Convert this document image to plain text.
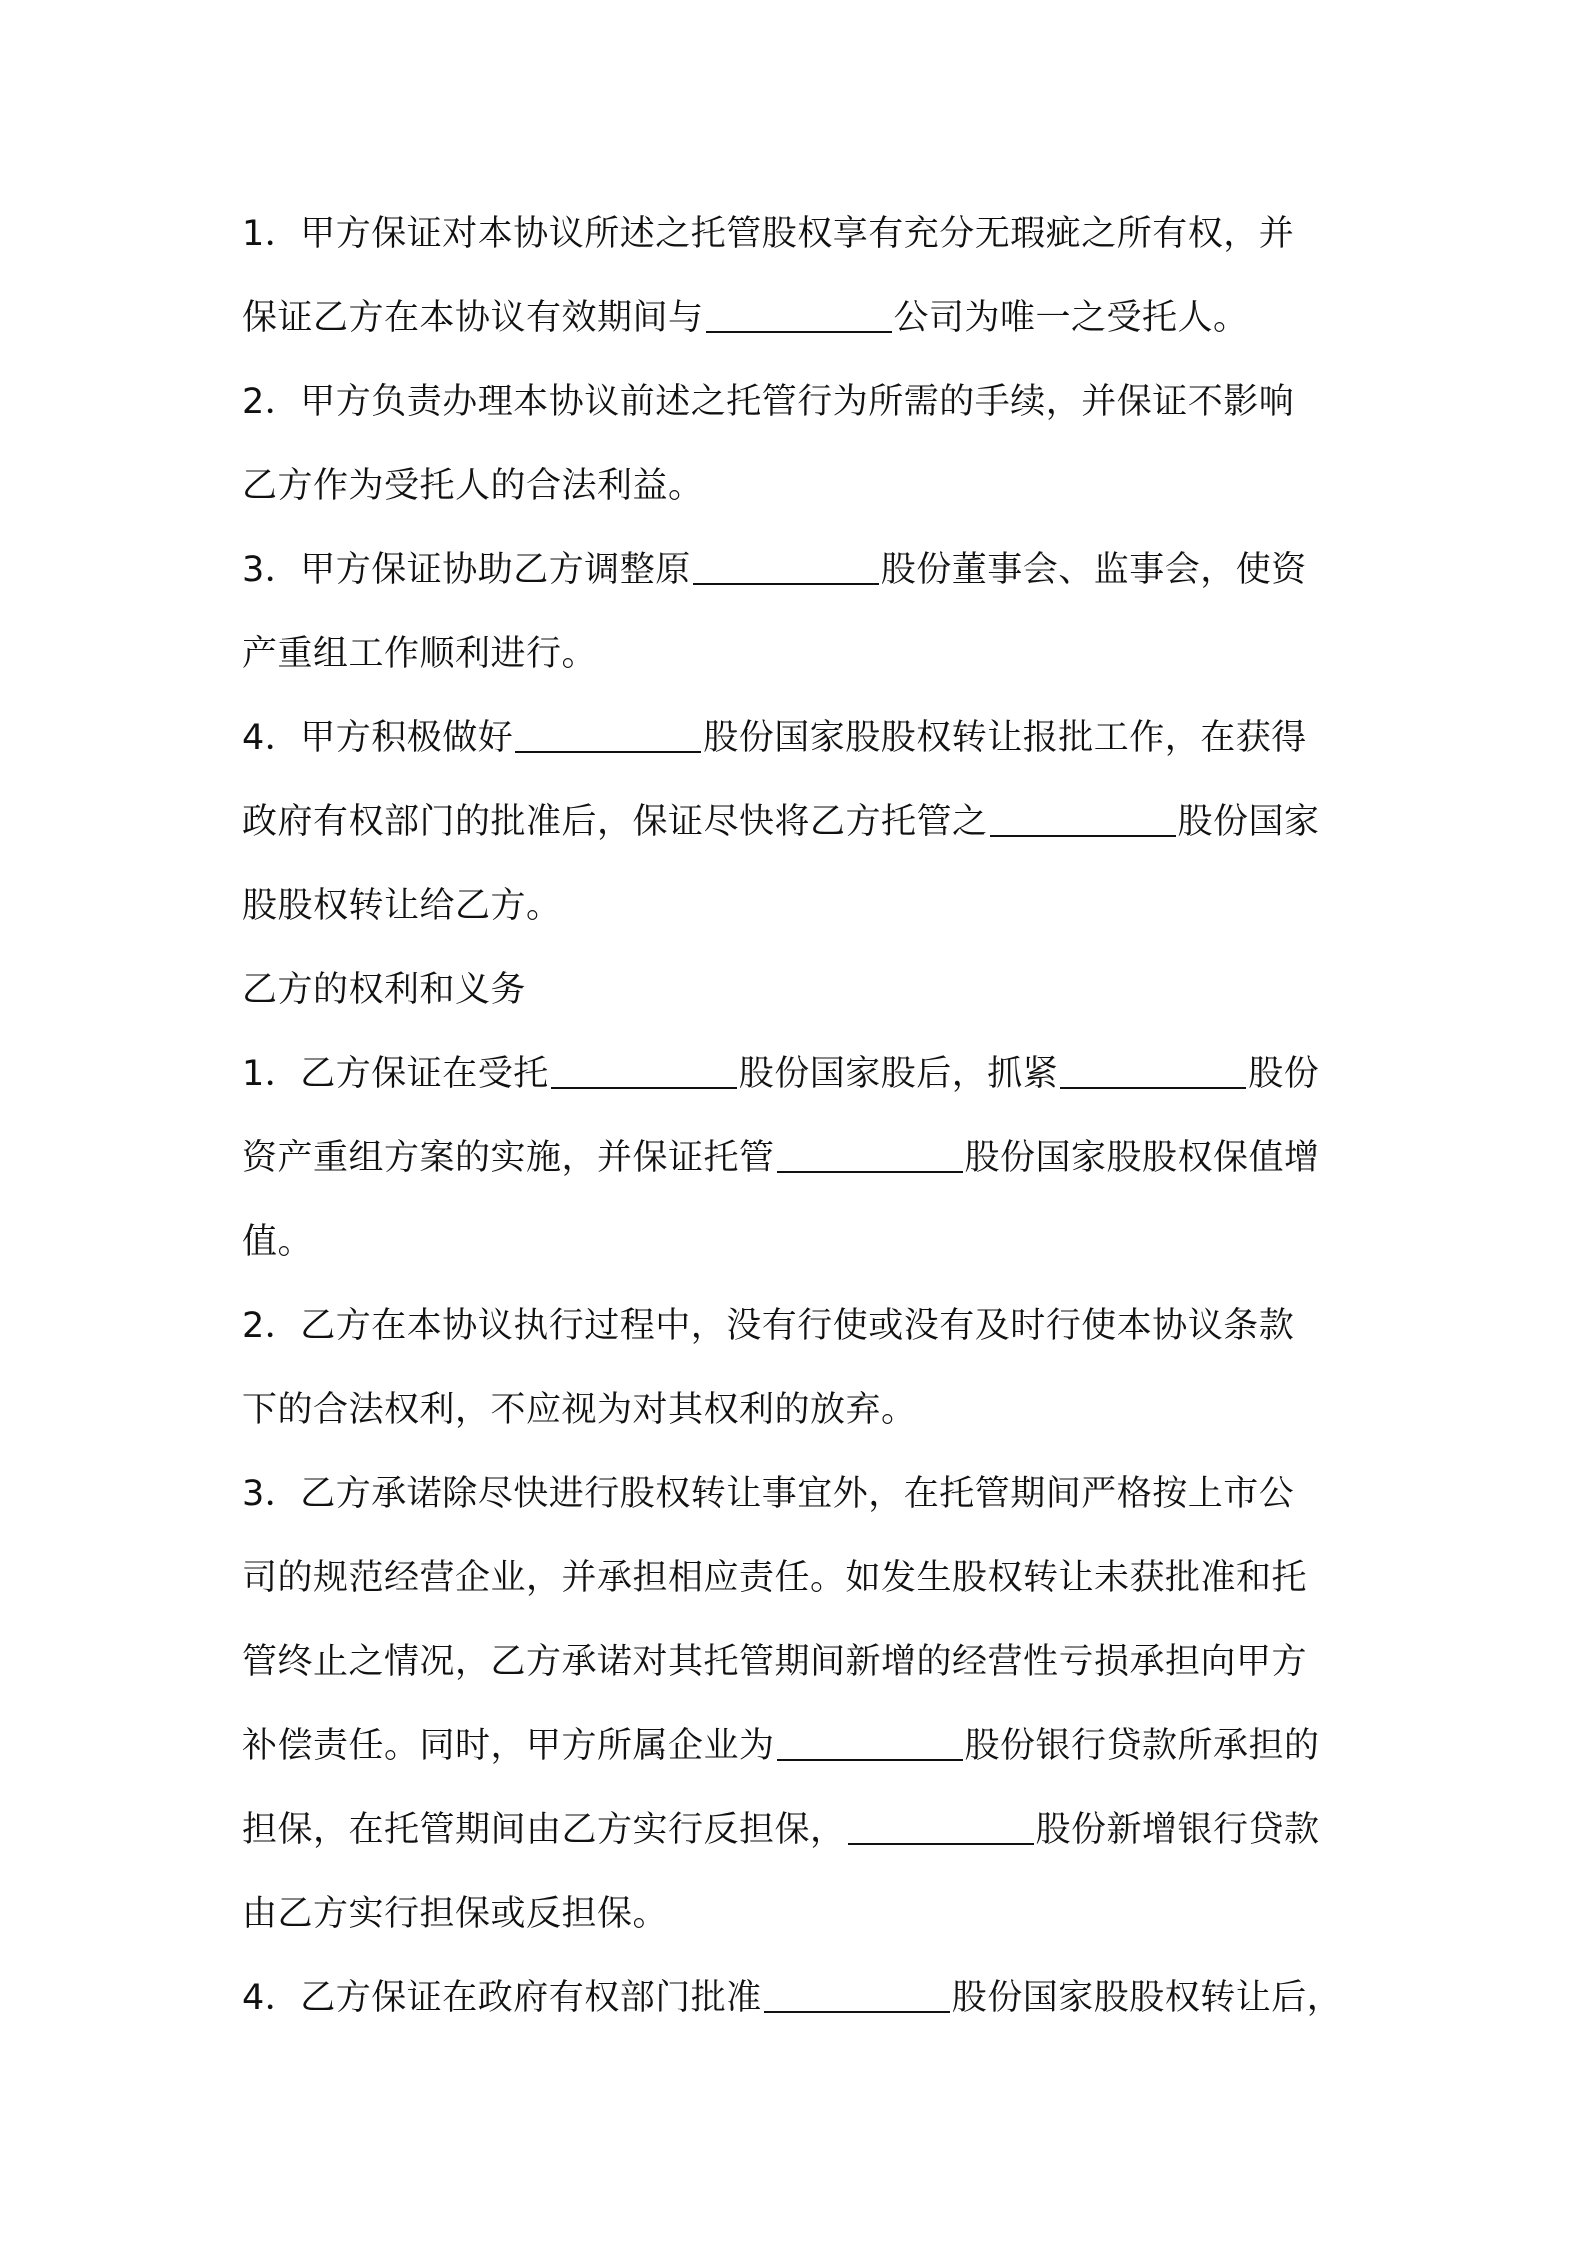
1．甲方保证对本协议所述之托管股权享有充分无瑕疵之所有权，并
保证乙方在本协议有效期间与	公司为唯一之受托人。
2．甲方负责办理本协议前述之托管行为所需的手续，并保证不影响
乙方作为受托人的合法利益。
3．甲方保证协助乙方调整原	股份董事会、监事会，使资
产重组工作顺利进行。
4．甲方积极做好	股份国家股股权转让报批工作，在获得
政府有权部门的批准后，保证尽快将乙方托管之	股份国家
股股权转让给乙方。
乙方的权利和义务
1．乙方保证在受托	股份国家股后，抓紧	股份
资产重组方案的实施，并保证托管	股份国家股股权保值增
值。
2．乙方在本协议执行过程中，没有行使或没有及时行使本协议条款
下的合法权利，不应视为对其权利的放弃。
3．乙方承诺除尽快进行股权转让事宜外，在托管期间严格按上市公
司的规范经营企业，并承担相应责任。如发生股权转让未获批准和托
管终止之情况，乙方承诺对其托管期间新增的经营性亏损承担向甲方
补偿责任。同时，甲方所属企业为	股份银行贷款所承担的
担保，在托管期间由乙方实行反担保，	股份新增银行贷款
由乙方实行担保或反担保。
4．乙方保证在政府有权部门批准	股份国家股股权转让后，
